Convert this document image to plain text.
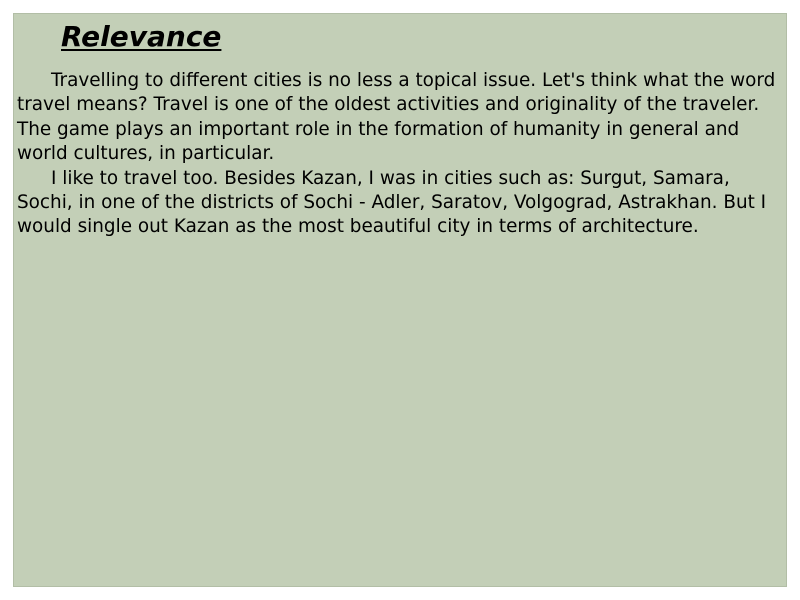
Relevance

Travelling to different cities is no less a topical issue. Let's think what the word travel means? Travel is one of the oldest activities and originality of the traveler. The game plays an important role in the formation of humanity in general and world cultures, in particular.

I like to travel too. Besides Kazan, I was in cities such as: Surgut, Samara, Sochi, in one of the districts of Sochi - Adler, Saratov, Volgograd, Astrakhan. But I would single out Kazan as the most beautiful city in terms of architecture.
